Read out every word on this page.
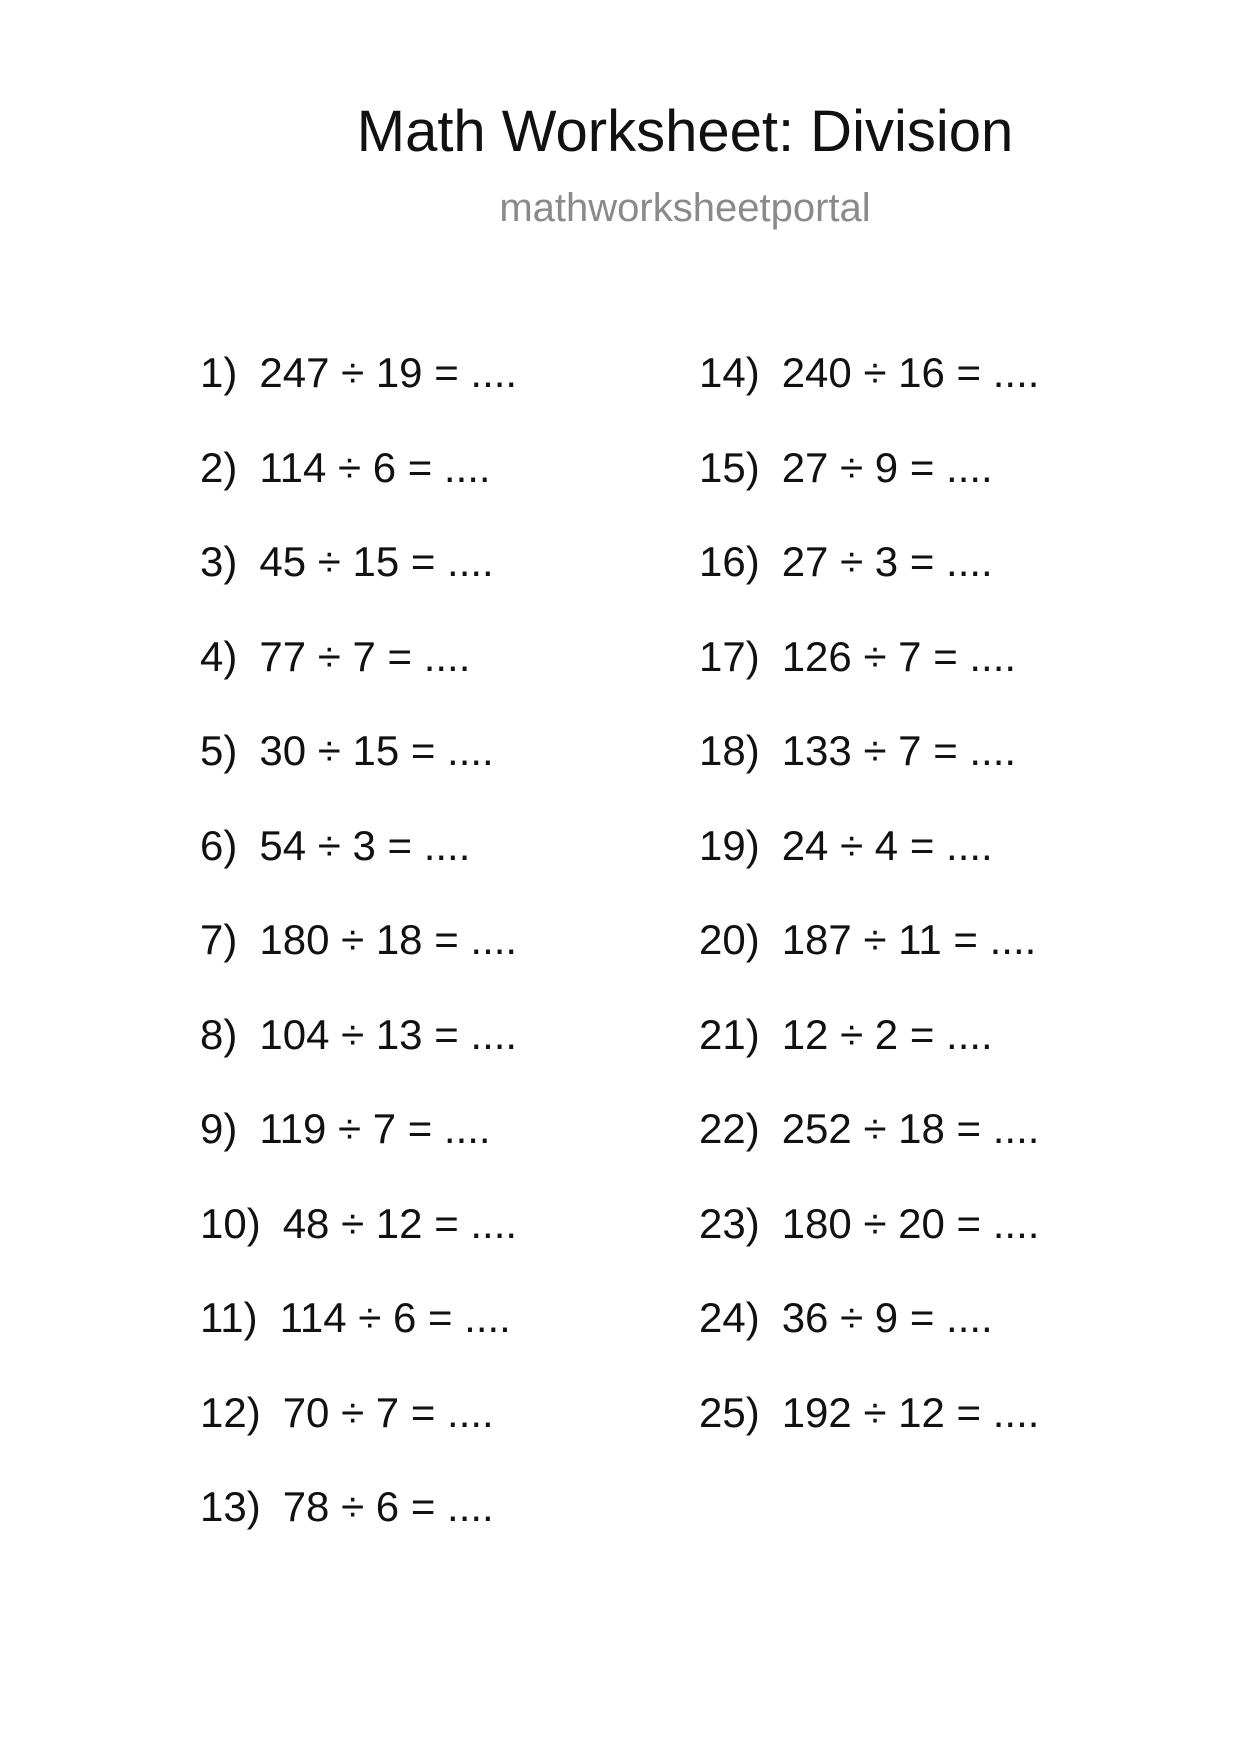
Math Worksheet: Division
mathworksheetportal
1) 247 ÷ 19 = ....
2) 114 ÷ 6 = ....
3) 45 ÷ 15 = ....
4) 77 ÷ 7 = ....
5) 30 ÷ 15 = ....
6) 54 ÷ 3 = ....
7) 180 ÷ 18 = ....
8) 104 ÷ 13 = ....
9) 119 ÷ 7 = ....
10) 48 ÷ 12 = ....
11) 114 ÷ 6 = ....
12) 70 ÷ 7 = ....
13) 78 ÷ 6 = ....
14) 240 ÷ 16 = ....
15) 27 ÷ 9 = ....
16) 27 ÷ 3 = ....
17) 126 ÷ 7 = ....
18) 133 ÷ 7 = ....
19) 24 ÷ 4 = ....
20) 187 ÷ 11 = ....
21) 12 ÷ 2 = ....
22) 252 ÷ 18 = ....
23) 180 ÷ 20 = ....
24) 36 ÷ 9 = ....
25) 192 ÷ 12 = ....
